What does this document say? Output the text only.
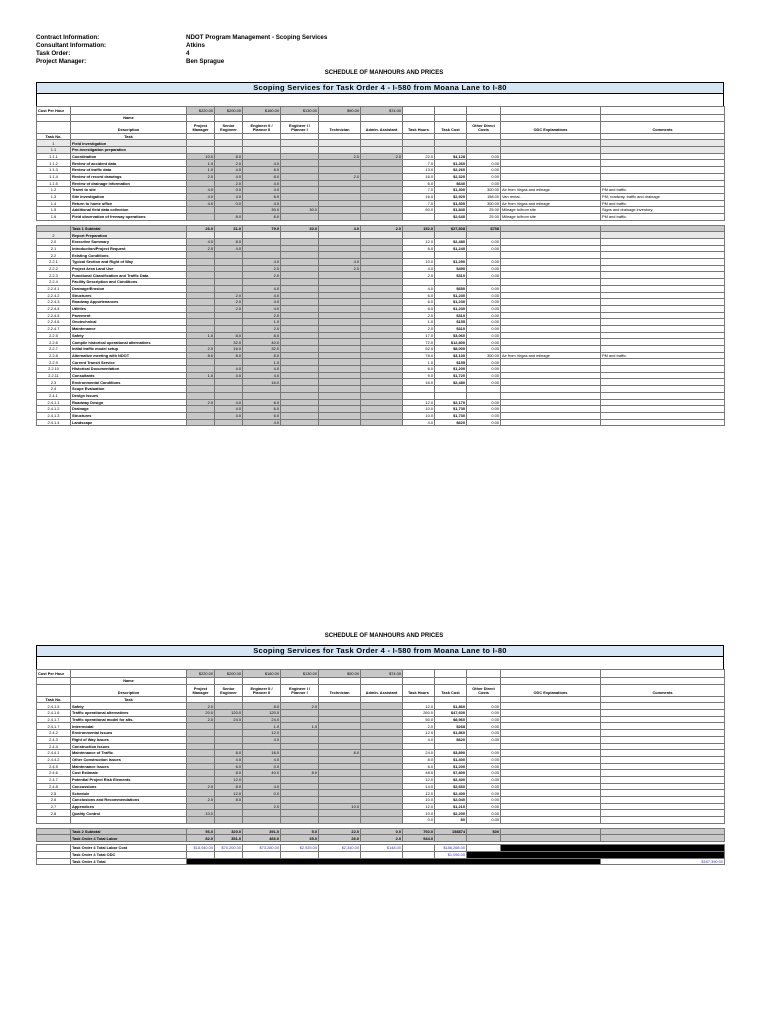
Contract Information:	NDOT Program Management - Scoping Services
Consultant Information:	Atkins
Task Order:	4
Project Manager:	Ben Sprague
SCHEDULE OF MANHOURS AND PRICES
Scoping Services for Task Order 4 - I-580 from Moana Lane to I-80
Cost Per Hour		$220.00	$200.00	$160.00	$130.00	$90.00	$74.00					
	Name											
	Description	Project Manager	Senior Engineer	Engineer II / Planner II	Engineer I / Planner I	Technician	Admin. Assistant	Task Hours	Task Cost	Other Direct Costs	ODC Explanations	Comments
Task No.	Task											
1	Field Investigation											
1.1	Pre-investigation preparation											
1.1.1	Coordination	10.0	8.0			2.0	2.0	22.0	$4,128	0.00		
1.1.2	Review of accident data	1.0	2.0	4.0				7.0	$1,260	0.00		
1.1.3	Review of traffic data	1.0	4.0	8.0				13.0	$2,260	0.00		
1.1.4	Review of record drawings	2.0	4.0	8.0		2.0		16.0	$2,320	0.00		
1.1.5	Review of drainage information		2.0	4.0				6.0	$640	0.00		
1.2	Travel to site	4.0	0.0	4.0				7.0	$1,300	300.00	Air from Vegas and mileage	PM and traffic.
1.3	Site investigation	4.0	4.0	8.0				16.0	$2,920	158.00	Van rental.	PM, roadway, traffic and drainage
1.4	Return to home office	4.0	0.0	4.0				7.0	$1,300	300.00	Air from Vegas and mileage	PM and traffic.
1.5	Additional field data collection			30.0	30.0			60.0	$1,840	25.00	Mileage to/from site	Signs and drainage inventory.
1.6	Field observation of freeway operations		8.0	8.0					$2,640	25.00	Mileage to/from site	PM and traffic.

	Task 1 Subtotal	26.0	31.0	79.0	30.0	4.0	2.0	152.0	$27,808	$758		
2	Report Preparation											
2.0	Executive Summary	4.0	8.0					12.0	$2,480	0.00		
2.1	Introduction/Project Request	2.0	4.0					6.0	$1,240	0.00		
2.2	Existing Conditions											
2.2.1	Typical Section and Right of Way			4.0		4.0		10.0	$1,290	0.00		
2.2.2	Project Area Land Use			2.0		2.0		4.0	$490	0.00		
2.2.3	Functional Classification and Traffic Data			2.0				2.0	$310	0.00		
2.2.4	Facility Description and Conditions											
2.2.4.1	Drainage/Erosion			4.0				4.0	$650	0.00		
2.2.4.2	Structures		2.0	4.0				6.0	$1,230	0.00		
2.2.4.3	Roadway Appurtenances		2.0	4.0				6.0	$1,230	0.00		
2.2.4.4	Utilities		2.0	4.0				6.0	$1,230	0.00		
2.2.4.5	Pavement			2.0				2.0	$310	0.00		
2.2.4.6	Geotechnical			1.0				1.0	$155	0.00		
2.2.4.7	Maintenance			2.0				2.0	$310	0.00		
2.2.5	Safety	1.0	8.0	8.0				17.0	$3,060	0.00		
2.2.6	Compile historical operational alternatives		32.0	40.0				72.0	$12,800	0.00		
2.2.7	Initial traffic model setup	2.0	16.0	32.0				52.0	$8,000	0.00		
2.2.8	Alternative meeting with NDOT	8.0	8.0	8.0				78.0	$3,100	300.00	Air from Vegas and mileage	PM and traffic.
2.2.9	Current Transit Service			1.0				1.0	$155	0.00		
2.2.10	Historical Documentation		4.0	4.0				6.0	$1,200	0.00		
2.2.11	Consultants	1.0	4.0	4.0				9.0	$1,720	0.00		
2.3	Environmental Conditions			16.0				16.0	$2,480	0.00		
2.4	Scope Evaluation											
2.4.1	Design Issues											
2.4.1.1	Roadway Design	2.0	4.0	6.0				12.0	$2,170	0.00		
2.4.1.2	Drainage		4.0	6.0				10.0	$1,730	0.00		
2.4.1.3	Structures		4.0	6.0				10.0	$1,730	0.00		
2.4.1.4	Landscape			4.0				4.0	$620	0.00		
SCHEDULE OF MANHOURS AND PRICES
Scoping Services for Task Order 4 - I-580 from Moana Lane to I-80
Cost Per Hour		$220.00	$200.00	$160.00	$130.00	$90.00	$74.00					
	Name											
	Description	Project Manager	Senior Engineer	Engineer II / Planner II	Engineer I / Planner I	Technician	Admin. Assistant	Task Hours	Task Cost	Other Direct Costs	ODC Explanations	Comments
Task No.	Task											
2.4.1.5	Safety	2.0		8.0	2.0			12.0	$1,860	0.00		
2.4.1.6	Traffic operational alternatives	20.0	120.0	120.0				260.0	$47,600	0.00		
2.4.1.7	Traffic operational model for alts.	2.0	24.0	24.0				50.0	$8,960	0.00		
2.4.1.7	Interrmodal			1.0	1.0			2.0	$268	0.00		
2.4.2	Environmental Issues			12.0				12.0	$1,860	0.00		
2.4.3	Right of Way Issues			4.0				4.0	$620	0.00		
2.4.4	Construction Issues											
2.4.4.1	Maintenance of Traffic		8.0	16.0		8.0		24.0	$3,890	0.00		
2.4.4.2	Other Construction Issues		4.0	4.0				8.0	$1,400	0.00		
2.4.5	Maintenance Issues		6.0	0.0				6.0	$1,200	0.00		
2.4.6	Cost Estimate		8.0	40.0	8.0			48.0	$7,800	0.00		
2.4.7	Potential Project Risk Elements		12.0					12.0	$2,400	0.00		
2.4.8	Concussions	2.0	8.0	4.0				14.0	$2,660	0.00		
2.5	Schedule		12.0	0.0				12.0	$2,400	0.00		
2.6	Conclusions and Recommendations	2.0	8.0					10.0	$2,040	0.00		
2.7	Appendices			2.0		10.0		12.0	$1,210	0.00		
2.8	Quality Control	10.0						10.0	$2,200	0.00		
								0.0	$0	0.00		

	Task 2 Subtotal	56.0	320.0	391.0	5.0	22.0	0.0	792.0	158874	$00		
	Task Order 4 Total Labor	82.0	351.0	466.0	35.0	26.0	2.0	944.0				
	Task Order 4 Total Labor Cost	$18,040.00	$70,200.00	$73,280.00	$2,925.00	$2,340.00	$148.00		$186,268.00			
	Task Order 4 Total ODC								$1,096.00			
	Task Order 4 Total											$187,390.00
